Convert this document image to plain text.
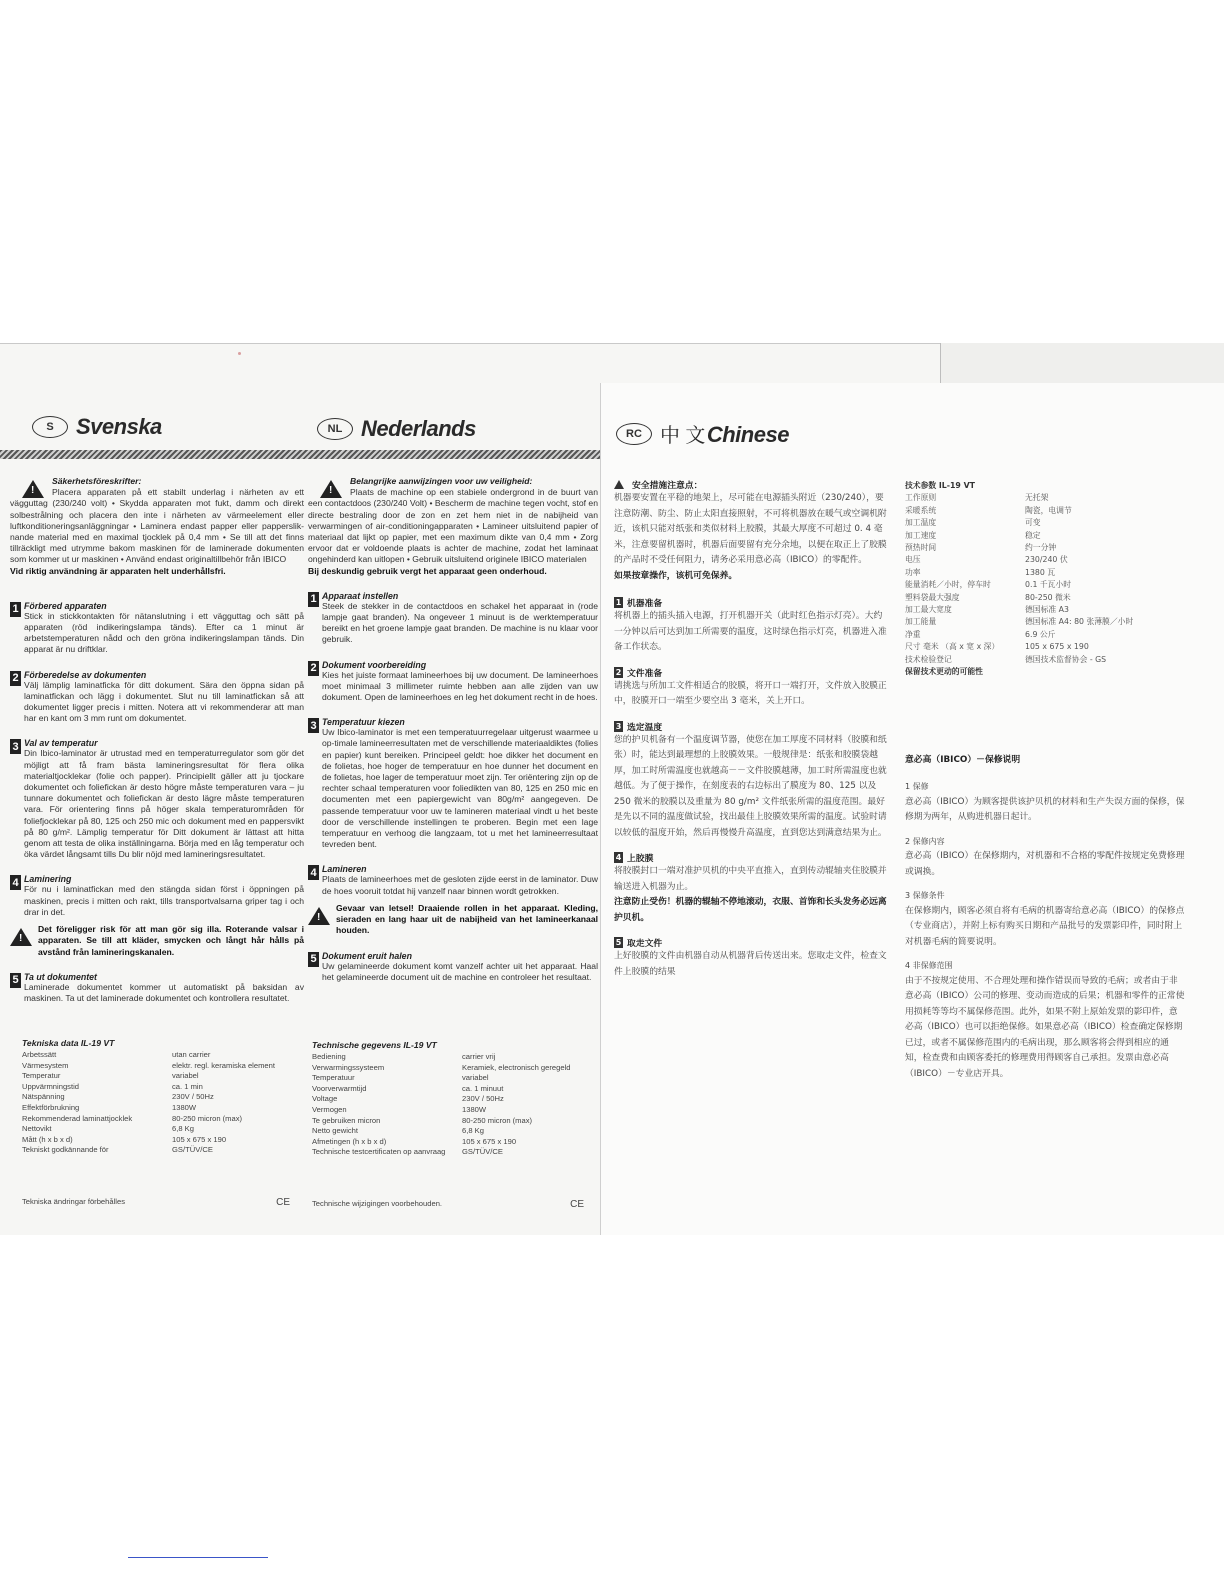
S	Svenska
!
Säkerhetsföreskrifter:
Placera apparaten på ett stabilt underlag i närheten av ett vägguttag (230/240 volt) • Skydda apparaten mot fukt, damm och direkt solbestrålning och placera den inte i närheten av värmeelement eller luftkonditioneringsanläggningar • Laminera endast papper eller papperslik-nande material med en maximal tjocklek på 0,4 mm • Se till att det finns tillräckligt med utrymme bakom maskinen för de laminerade dokumenten som kommer ut ur maskinen • Använd endast originaltillbehör från IBICO
Vid riktig användning är apparaten helt underhållsfri.
1 Förbered apparaten
Stick in stickkontakten för nätanslutning i ett vägguttag och sätt på apparaten (röd indikeringslampa tänds). Efter ca 1 minut är arbetstemperaturen nådd och den gröna indikeringslampan tänds. Din apparat är nu driftklar.
2 Förberedelse av dokumenten
Välj lämplig laminatficka för ditt dokument. Sära den öppna sidan på laminatfickan och lägg i dokumentet. Slut nu till laminatfickan så att dokumentet ligger precis i mitten. Notera att vi rekommenderar att man har en kant om 3 mm runt om dokumentet.
3 Val av temperatur
Din Ibico-laminator är utrustad med en temperaturregulator som gör det möjligt att få fram bästa lamineringsresultat för flera olika materialtjocklekar (folie och papper). Principiellt gäller att ju tjockare dokumentet och foliefickan är desto högre måste temperaturen vara – ju tunnare dokumentet och foliefickan är desto lägre måste temperaturen vara. För orientering finns på höger skala temperaturområden för foliefjocklekar på 80, 125 och 250 mic och dokument med en pappersvikt på 80 g/m². Lämplig temperatur för Ditt dokument är lättast att hitta genom att testa de olika inställningarna. Börja med en låg temperatur och öka värdet långsamt tills Du blir nöjd med lamineringsresultatet.
4 Laminering
För nu i laminatfickan med den stängda sidan först i öppningen på maskinen, precis i mitten och rakt, tills transportvalsarna griper tag i och drar in det.
!
Det föreligger risk för att man gör sig illa. Roterande valsar i apparaten. Se till att kläder, smycken och långt hår hålls på avstånd från lamineringskanalen.
5 Ta ut dokumentet
Laminerade dokumentet kommer ut automatiskt på baksidan av maskinen. Ta ut det laminerade dokumentet och kontrollera resultatet.
Tekniska data IL-19 VT
Arbetssätt	utan carrier
Värmesystem	elektr. regl. keramiska element
Temperatur	variabel
Uppvärmningstid	ca. 1 min
Nätspänning	230V / 50Hz
Effektförbrukning	1380W
Rekommenderad laminattjocklek	80-250 micron (max)
Nettovikt	6,8 Kg
Mått (h x b x d)	105 x 675 x 190
Tekniskt godkännande för	GS/TÜV/CE
Tekniska ändringar förbehålles	CE
NL Nederlands
!
Belangrijke aanwijzingen voor uw veiligheid:
Plaats de machine op een stabiele ondergrond in de buurt van een contactdoos (230/240 Volt) • Bescherm de machine tegen vocht, stof en directe bestraling door de zon en zet hem niet in de nabijheid van verwarmingen of air-conditioningapparaten • Lamineer uitsluitend papier of materiaal dat lijkt op papier, met een maximum dikte van 0,4 mm • Zorg ervoor dat er voldoende plaats is achter de machine, zodat het laminaat ongehinderd kan uitlopen • Gebruik uitsluitend originele IBICO materialen
Bij deskundig gebruik vergt het apparaat geen onderhoud.
1 Apparaat instellen
Steek de stekker in de contactdoos en schakel het apparaat in (rode lampje gaat branden). Na ongeveer 1 minuut is de werktemperatuur bereikt en het groene lampje gaat branden. De machine is nu klaar voor gebruik.
2 Dokument voorbereiding
Kies het juiste formaat lamineerhoes bij uw document. De lamineerhoes moet minimaal 3 millimeter ruimte hebben aan alle zijden van uw dokument. Open de lamineerhoes en leg het dokument recht in de hoes.
3 Temperatuur kiezen
Uw Ibico-laminator is met een temperatuurregelaar uitgerust waarmee u op-timale lamineerresultaten met de verschillende materiaaldiktes (folies en papier) kunt bereiken. Principeel geldt: hoe dikker het document en de folietas, hoe hoger de temperatuur en hoe dunner het document en de folietas, hoe lager de temperatuur moet zijn. Ter oriëntering zijn op de rechter schaal temperaturen voor foliedikten van 80, 125 en 250 mic en documenten met een papiergewicht van 80g/m² aangegeven. De passende temperatuur voor uw te lamineren materiaal vindt u het beste door de verschillende instellingen te proberen. Begin met een lage temperatuur en verhoog die langzaam, tot u met het lamineerresultaat tevreden bent.
4 Lamineren
Plaats de lamineerhoes met de gesloten zijde eerst in de laminator. Duw de hoes vooruit totdat hij vanzelf naar binnen wordt getrokken.
!
Gevaar van letsel! Draaiende rollen in het apparaat. Kleding, sieraden en lang haar uit de nabijheid van het lamineerkanaal houden.
5 Dokument eruit halen
Uw gelamineerde dokument komt vanzelf achter uit het apparaat. Haal het gelamineerde document uit de machine en controleer het resultaat.
Technische gegevens IL-19 VT
Bediening	carrier vrij
Verwarmingssysteem	Keramiek, electronisch geregeld
Temperatuur	variabel
Voorverwarmtijd	ca. 1 minuut
Voltage	230V / 50Hz
Vermogen	1380W
Te gebruiken micron	80-250 micron (max)
Netto gewicht	6,8 Kg
Afmetingen (h x b x d)	105 x 675 x 190
Technische testcertificaten op aanvraag	GS/TÜV/CE
Technische wijzigingen voorbehouden.	CE
RC 中 文Chinese
安全措施注意点：
机器要安置在平稳的地架上，尽可能在电源插头附近（230/240），要注意防潮、防尘、防止太阳直接照射，不可将机器放在暖气或空调机附近，该机只能对纸张和类似材料上胶膜，其最大厚度不可超过 0. 4 毫米，注意要留机器时，机器后面要留有充分余地，以便在取正上了胶膜的产品时不受任何阻力，请务必采用意必高（IBICO）的零配件。
如果按章操作，该机可免保养。
1 机器准备
将机器上的插头插入电源，打开机器开关（此时红色指示灯亮）。大约一分钟以后可达到加工所需要的温度，这时绿色指示灯亮，机器进入准备工作状态。
2 文件准备
请挑选与所加工文件相适合的胶膜，将开口一端打开，文件放入胶膜正中，胶膜开口一端至少要空出 3 毫米，关上开口。
3 选定温度
您的护贝机备有一个温度调节器，使您在加工厚度不同材料（胶膜和纸张）时，能达到最理想的上胶膜效果。一般规律是：纸张和胶膜袋越厚，加工时所需温度也就越高－－文件胶膜越薄，加工时所需温度也就越低。为了便于操作，在刻度表的右边标出了膜度为 80、125 以及 250 微米的胶膜以及重量为 80 g/m² 文件纸张所需的温度范围。最好是先以不同的温度做试验，找出最佳上胶膜效果所需的温度。试验时请以较低的温度开始，然后再慢慢升高温度，直到您达到满意结果为止。
4 上胶膜
将胶膜封口一端对准护贝机的中央平直推入，直到传动辊轴夹住胶膜并输送进入机器为止。
注意防止受伤！机器的辊轴不停地滚动，衣服、首饰和长头发务必远离护贝机。
5 取走文件
上好胶膜的文件由机器自动从机器背后传送出来。您取走文件，检查文件上胶膜的结果
技术参数 IL-19 VT
工作原则	无托架
采暖系统	陶瓷，电调节
加工温度	可变
加工速度	稳定
预热时间	约一分钟
电压	230/240 伏
功率	1380 瓦
能量消耗／小时，停车时	0.1 千瓦小时
塑料袋最大强度	80-250 微米
加工最大宽度	德国标准 A3
加工能量	德国标准 A4: 80 张薄膜／小时
净重	6.9 公斤
尺寸 毫米 （高 x 宽 x 深）	105 x 675 x 190
技术检验登记	德国技术监督协会 - GS
保留技术更动的可能性
意必高（IBICO）－保修说明
1 保修
意必高（IBICO）为顾客提供该护贝机的材料和生产失误方面的保修，保修期为两年，从购进机器日起计。
2 保修内容
意必高（IBICO）在保修期内，对机器和不合格的零配件按规定免费修理或调换。
3 保修条件
在保修期内，顾客必须自将有毛病的机器寄给意必高（IBICO）的保修点（专业商店），并附上标有购买日期和产品批号的发票影印件，同时附上对机器毛病的简要说明。
4 非保修范围
由于不按规定使用、不合理处理和操作错误而导致的毛病；或者由于非意必高（IBICO）公司的修理、变动而造成的后果；机器和零件的正常使用损耗等等均不属保修范围。此外，如果不附上原始发票的影印件，意必高（IBICO）也可以拒绝保修。如果意必高（IBICO）检查确定保修期已过，或者不属保修范围内的毛病出现，那么顾客将会得到相应的通知，检查费和由顾客委托的修理费用得顾客自己承担。发票由意必高（IBICO）－专业店开具。
